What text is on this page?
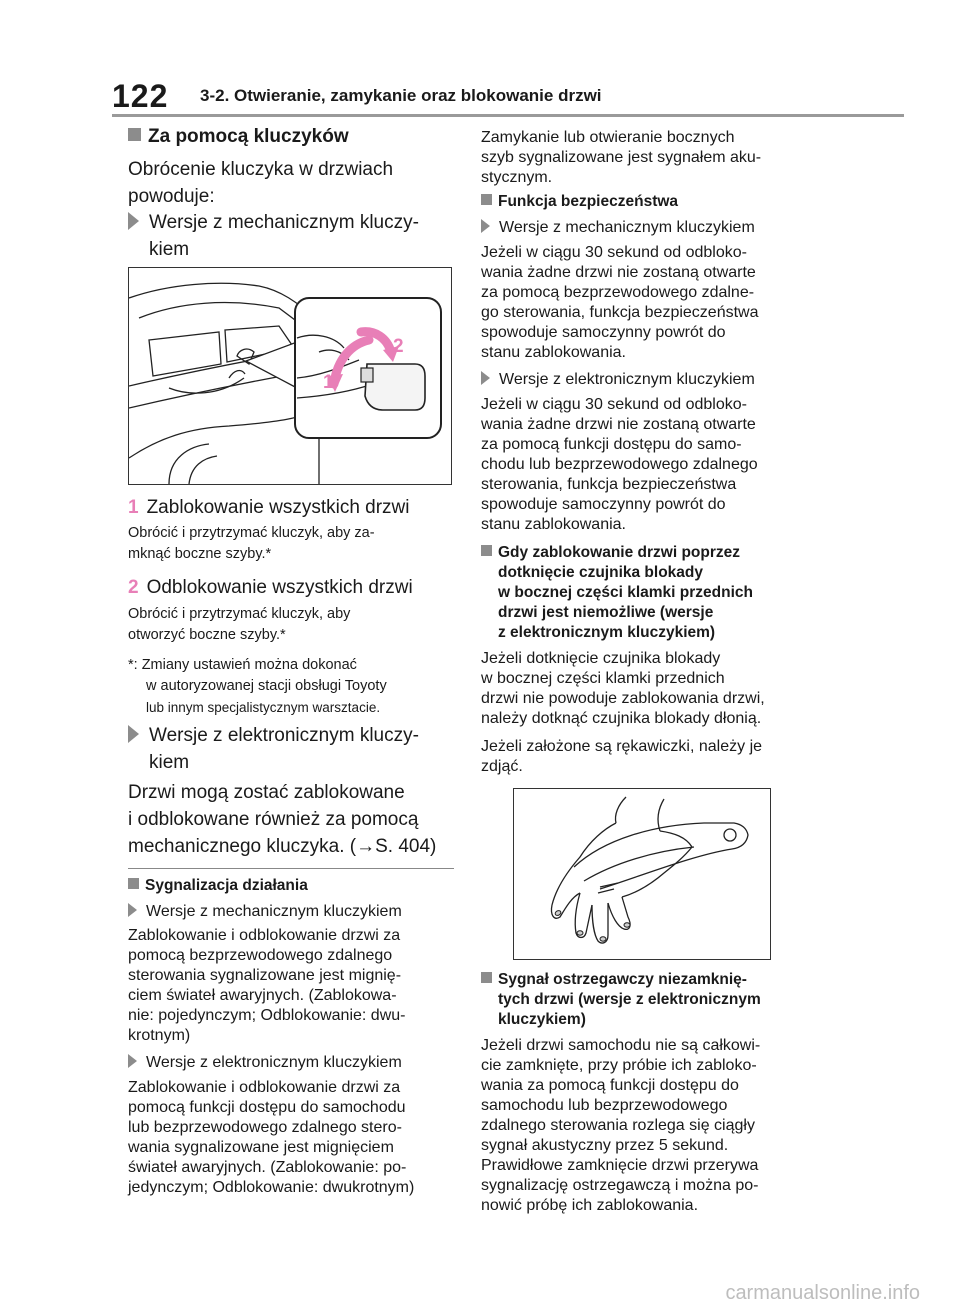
122 3-2. Otwieranie, zamykanie oraz blokowanie drzwi
Za pomocą kluczyków
Obrócenie kluczyka w drzwiach
powoduje:
Wersje z mechanicznym kluczy-
kiem
2
1
1 Zablokowanie wszystkich drzwi
Obrócić i przytrzymać kluczyk, aby za-
mknąć boczne szyby.*
2 Odblokowanie wszystkich drzwi
Obrócić i przytrzymać kluczyk, aby
otworzyć boczne szyby.*
*: Zmiany ustawień można dokonać
w autoryzowanej stacji obsługi Toyoty
lub innym specjalistycznym warsztacie.
Wersje z elektronicznym kluczy-
kiem
Drzwi mogą zostać zablokowane
i odblokowane również za pomocą
mechanicznego kluczyka. (→S. 404)
Sygnalizacja działania
Wersje z mechanicznym kluczykiem
Zablokowanie i odblokowanie drzwi za
pomocą bezprzewodowego zdalnego
sterowania sygnalizowane jest mignię-
ciem świateł awaryjnych. (Zablokowa-
nie: pojedynczym; Odblokowanie: dwu-
krotnym)
Wersje z elektronicznym kluczykiem
Zablokowanie i odblokowanie drzwi za
pomocą funkcji dostępu do samochodu
lub bezprzewodowego zdalnego stero-
wania sygnalizowane jest mignięciem
świateł awaryjnych. (Zablokowanie: po-
jedynczym; Odblokowanie: dwukrotnym)
Zamykanie lub otwieranie bocznych
szyb sygnalizowane jest sygnałem aku-
stycznym.
Funkcja bezpieczeństwa
Wersje z mechanicznym kluczykiem
Jeżeli w ciągu 30 sekund od odbloko-
wania żadne drzwi nie zostaną otwarte
za pomocą bezprzewodowego zdalne-
go sterowania, funkcja bezpieczeństwa
spowoduje samoczynny powrót do
stanu zablokowania.
Wersje z elektronicznym kluczykiem
Jeżeli w ciągu 30 sekund od odbloko-
wania żadne drzwi nie zostaną otwarte
za pomocą funkcji dostępu do samo-
chodu lub bezprzewodowego zdalnego
sterowania, funkcja bezpieczeństwa
spowoduje samoczynny powrót do
stanu zablokowania.
Gdy zablokowanie drzwi poprzez
dotknięcie czujnika blokady
w bocznej części klamki przednich
drzwi jest niemożliwe (wersje
z elektronicznym kluczykiem)
Jeżeli dotknięcie czujnika blokady
w bocznej części klamki przednich
drzwi nie powoduje zablokowania drzwi,
należy dotknąć czujnika blokady dłonią.
Jeżeli założone są rękawiczki, należy je
zdjąć.
Sygnał ostrzegawczy niezamknię-
tych drzwi (wersje z elektronicznym
kluczykiem)
Jeżeli drzwi samochodu nie są całkowi-
cie zamknięte, przy próbie ich zabloko-
wania za pomocą funkcji dostępu do
samochodu lub bezprzewodowego
zdalnego sterowania rozlega się ciągły
sygnał akustyczny przez 5 sekund.
Prawidłowe zamknięcie drzwi przerywa
sygnalizację ostrzegawczą i można po-
nowić próbę ich zablokowania.
carmanualsonline.info
